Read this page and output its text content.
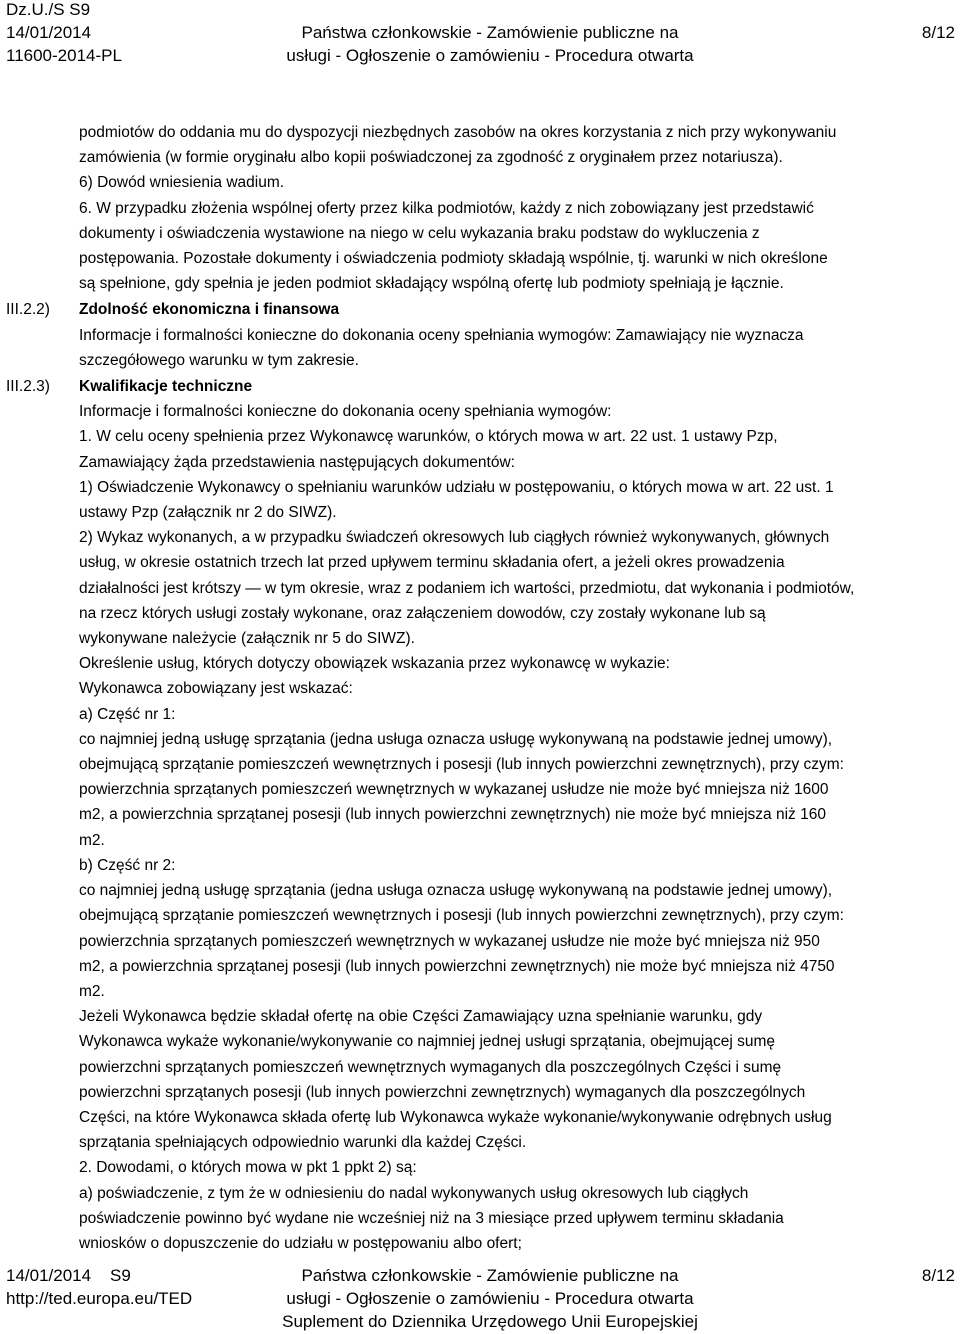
Dz.U./S S9
14/01/2014
11600-2014-PL
Państwa członkowskie - Zamówienie publiczne na
usługi - Ogłoszenie o zamówieniu - Procedura otwarta
8/12

podmiotów do oddania mu do dyspozycji niezbędnych zasobów na okres korzystania z nich przy wykonywaniu

zamówienia (w formie oryginału albo kopii poświadczonej za zgodność z oryginałem przez notariusza).

6) Dowód wniesienia wadium.

6. W przypadku złożenia wspólnej oferty przez kilka podmiotów, każdy z nich zobowiązany jest przedstawić

dokumenty i oświadczenia wystawione na niego w celu wykazania braku podstaw do wykluczenia z

postępowania. Pozostałe dokumenty i oświadczenia podmioty składają wspólnie, tj. warunki w nich określone

są spełnione, gdy spełnia je jeden podmiot składający wspólną ofertę lub podmioty spełniają je łącznie.

III.2.2) Zdolność ekonomiczna i finansowa

Informacje i formalności konieczne do dokonania oceny spełniania wymogów: Zamawiający nie wyznacza

szczegółowego warunku w tym zakresie.

III.2.3) Kwalifikacje techniczne

Informacje i formalności konieczne do dokonania oceny spełniania wymogów:

1. W celu oceny spełnienia przez Wykonawcę warunków, o których mowa w art. 22 ust. 1 ustawy Pzp,

Zamawiający żąda przedstawienia następujących dokumentów:

1) Oświadczenie Wykonawcy o spełnianiu warunków udziału w postępowaniu, o których mowa w art. 22 ust. 1

ustawy Pzp (załącznik nr 2 do SIWZ).

2) Wykaz wykonanych, a w przypadku świadczeń okresowych lub ciągłych również wykonywanych, głównych

usług, w okresie ostatnich trzech lat przed upływem terminu składania ofert, a jeżeli okres prowadzenia

działalności jest krótszy — w tym okresie, wraz z podaniem ich wartości, przedmiotu, dat wykonania i podmiotów,

na rzecz których usługi zostały wykonane, oraz załączeniem dowodów, czy zostały wykonane lub są

wykonywane należycie (załącznik nr 5 do SIWZ).

Określenie usług, których dotyczy obowiązek wskazania przez wykonawcę w wykazie:

Wykonawca zobowiązany jest wskazać:

a) Część nr 1:

co najmniej jedną usługę sprzątania (jedna usługa oznacza usługę wykonywaną na podstawie jednej umowy),

obejmującą sprzątanie pomieszczeń wewnętrznych i posesji (lub innych powierzchni zewnętrznych), przy czym:

powierzchnia sprzątanych pomieszczeń wewnętrznych w wykazanej usłudze nie może być mniejsza niż 1600

m2, a powierzchnia sprzątanej posesji (lub innych powierzchni zewnętrznych) nie może być mniejsza niż 160

m2.

b) Część nr 2:

co najmniej jedną usługę sprzątania (jedna usługa oznacza usługę wykonywaną na podstawie jednej umowy),

obejmującą sprzątanie pomieszczeń wewnętrznych i posesji (lub innych powierzchni zewnętrznych), przy czym:

powierzchnia sprzątanych pomieszczeń wewnętrznych w wykazanej usłudze nie może być mniejsza niż 950

m2, a powierzchnia sprzątanej posesji (lub innych powierzchni zewnętrznych) nie może być mniejsza niż 4750

m2.

Jeżeli Wykonawca będzie składał ofertę na obie Części Zamawiający uzna spełnianie warunku, gdy

Wykonawca wykaże wykonanie/wykonywanie co najmniej jednej usługi sprzątania, obejmującej sumę

powierzchni sprzątanych pomieszczeń wewnętrznych wymaganych dla poszczególnych Części i sumę

powierzchni sprzątanych posesji (lub innych powierzchni zewnętrznych) wymaganych dla poszczególnych

Części, na które Wykonawca składa ofertę lub Wykonawca wykaże wykonanie/wykonywanie odrębnych usług

sprzątania spełniających odpowiednio warunki dla każdej Części.

2. Dowodami, o których mowa w pkt 1 ppkt 2) są:

a) poświadczenie, z tym że w odniesieniu do nadal wykonywanych usług okresowych lub ciągłych

poświadczenie powinno być wydane nie wcześniej niż na 3 miesiące przed upływem terminu składania

wniosków o dopuszczenie do udziału w postępowaniu albo ofert;

14/01/2014    S9
http://ted.europa.eu/TED
Państwa członkowskie - Zamówienie publiczne na
usługi - Ogłoszenie o zamówieniu - Procedura otwarta
Suplement do Dziennika Urzędowego Unii Europejskiej
8/12
